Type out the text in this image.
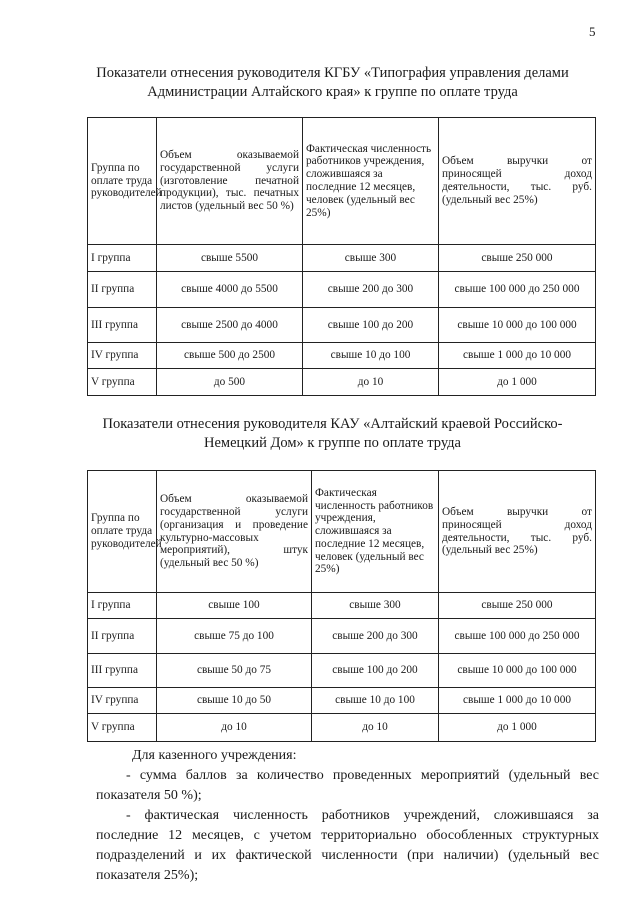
5
Показатели отнесения руководителя КГБУ «Типография управления делами
Администрации Алтайского края» к группе по оплате труда
Группа по оплате труда руководителей	Объем оказываемой государственной услуги (изготовление печатной продукции), тыс. печатных листов (удельный вес 50 %)	Фактическая численность работников учреждения, сложившаяся за последние 12 месяцев, человек (удельный вес 25%)	Объем выручки от приносящей доход деятельности, тыс. руб. (удельный вес 25%)
I группа	свыше 5500	свыше 300	свыше 250 000
II группа	свыше 4000 до 5500	свыше 200 до 300	свыше 100 000 до 250 000
III группа	свыше 2500 до 4000	свыше 100 до 200	свыше 10 000 до 100 000
IV группа	свыше 500 до 2500	свыше 10 до 100	свыше 1 000 до 10 000
V группа	до 500	до 10	до 1 000
Показатели отнесения руководителя КАУ «Алтайский краевой Российско-
Немецкий Дом» к группе по оплате труда
Группа по оплате труда руководителей	Объем оказываемой государственной услуги (организация и проведение культурно-массовых мероприятий), штук (удельный вес 50 %)	Фактическая численность работников учреждения, сложившаяся за последние 12 месяцев, человек (удельный вес 25%)	Объем выручки от приносящей доход деятельности, тыс. руб. (удельный вес 25%)
I группа	свыше 100	свыше 300	свыше 250 000
II группа	свыше 75 до 100	свыше 200 до 300	свыше 100 000 до 250 000
III группа	свыше 50 до 75	свыше 100 до 200	свыше 10 000 до 100 000
IV группа	свыше 10 до 50	свыше 10 до 100	свыше 1 000 до 10 000
V группа	до 10	до 10	до 1 000

Для казенного учреждения:

- сумма баллов за количество проведенных мероприятий (удельный вес показателя 50 %);

- фактическая численность работников учреждений, сложившаяся за последние 12 месяцев, с учетом территориально обособленных структурных подразделений и их фактической численности (при наличии) (удельный вес показателя 25%);
